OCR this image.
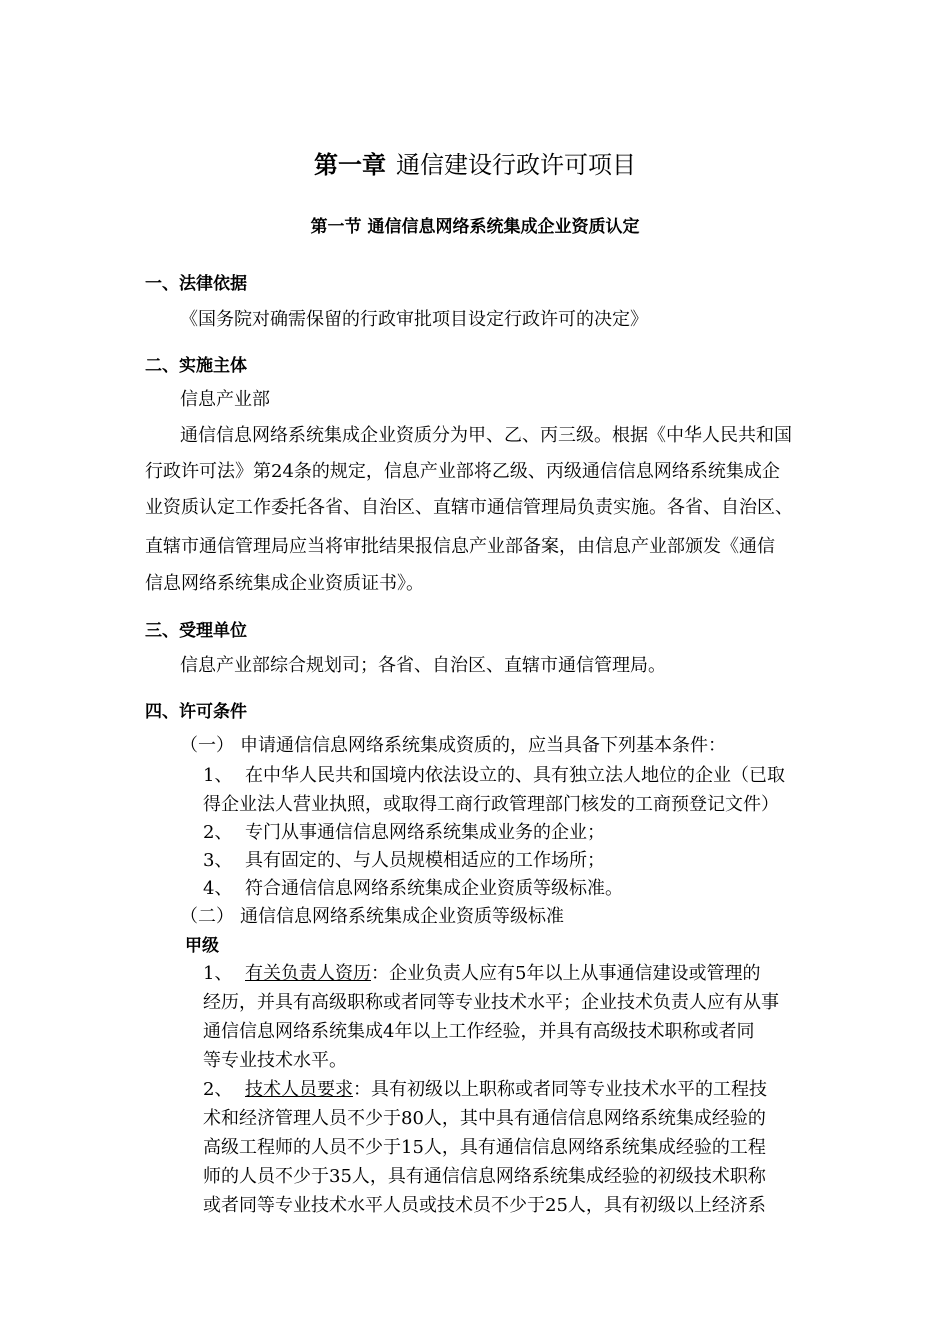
第一章 通信建设行政许可项目
第一节 通信信息网络系统集成企业资质认定
一、法律依据
《国务院对确需保留的行政审批项目设定行政许可的决定》
二、实施主体
信息产业部
通信信息网络系统集成企业资质分为甲、乙、丙三级。根据《中华人民共和国
行政许可法》第24条的规定，信息产业部将乙级、丙级通信信息网络系统集成企
业资质认定工作委托各省、自治区、直辖市通信管理局负责实施。各省、自治区、
直辖市通信管理局应当将审批结果报信息产业部备案，由信息产业部颁发《通信
信息网络系统集成企业资质证书》。
三、受理单位
信息产业部综合规划司；各省、自治区、直辖市通信管理局。
四、许可条件
（一） 申请通信信息网络系统集成资质的，应当具备下列基本条件：
1、 在中华人民共和国境内依法设立的、具有独立法人地位的企业（已取
得企业法人营业执照，或取得工商行政管理部门核发的工商预登记文件）
2、 专门从事通信信息网络系统集成业务的企业；
3、 具有固定的、与人员规模相适应的工作场所；
4、 符合通信信息网络系统集成企业资质等级标准。
（二） 通信信息网络系统集成企业资质等级标准
甲级
1、 有关负责人资历：企业负责人应有5年以上从事通信建设或管理的
经历，并具有高级职称或者同等专业技术水平；企业技术负责人应有从事
通信信息网络系统集成4年以上工作经验，并具有高级技术职称或者同
等专业技术水平。
2、 技术人员要求：具有初级以上职称或者同等专业技术水平的工程技
术和经济管理人员不少于80人，其中具有通信信息网络系统集成经验的
高级工程师的人员不少于15人，具有通信信息网络系统集成经验的工程
师的人员不少于35人，具有通信信息网络系统集成经验的初级技术职称
或者同等专业技术水平人员或技术员不少于25人，具有初级以上经济系
